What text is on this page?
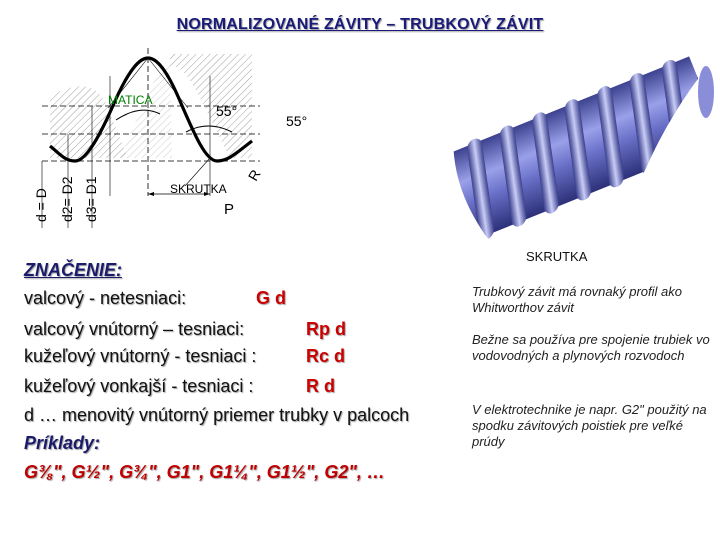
NORMALIZOVANÉ ZÁVITY – TRUBKOVÝ ZÁVIT
MATICA
SKRUTKA
55°
55°
R
P
d = D d2= D2 d3= D1
SKRUTKA
ZNAČENIE:
valcový - netesniaci:	G d
valcový vnútorný – tesniaci:	Rp d
kužeľový vnútorný - tesniaci :	Rc d
kužeľový vonkajší - tesniaci :	R d
d … menovitý vnútorný priemer trubky v palcoch
Príklady:
G⅜", G½", G¾", G1", G1¼", G1½", G2", …
Trubkový závit má rovnaký profil ako Whitworthov závit
Bežne sa používa pre spojenie trubiek vo vodovodných a plynových rozvodoch
V elektrotechnike je napr. G2" použitý na spodku závitových poistiek pre veľké prúdy
